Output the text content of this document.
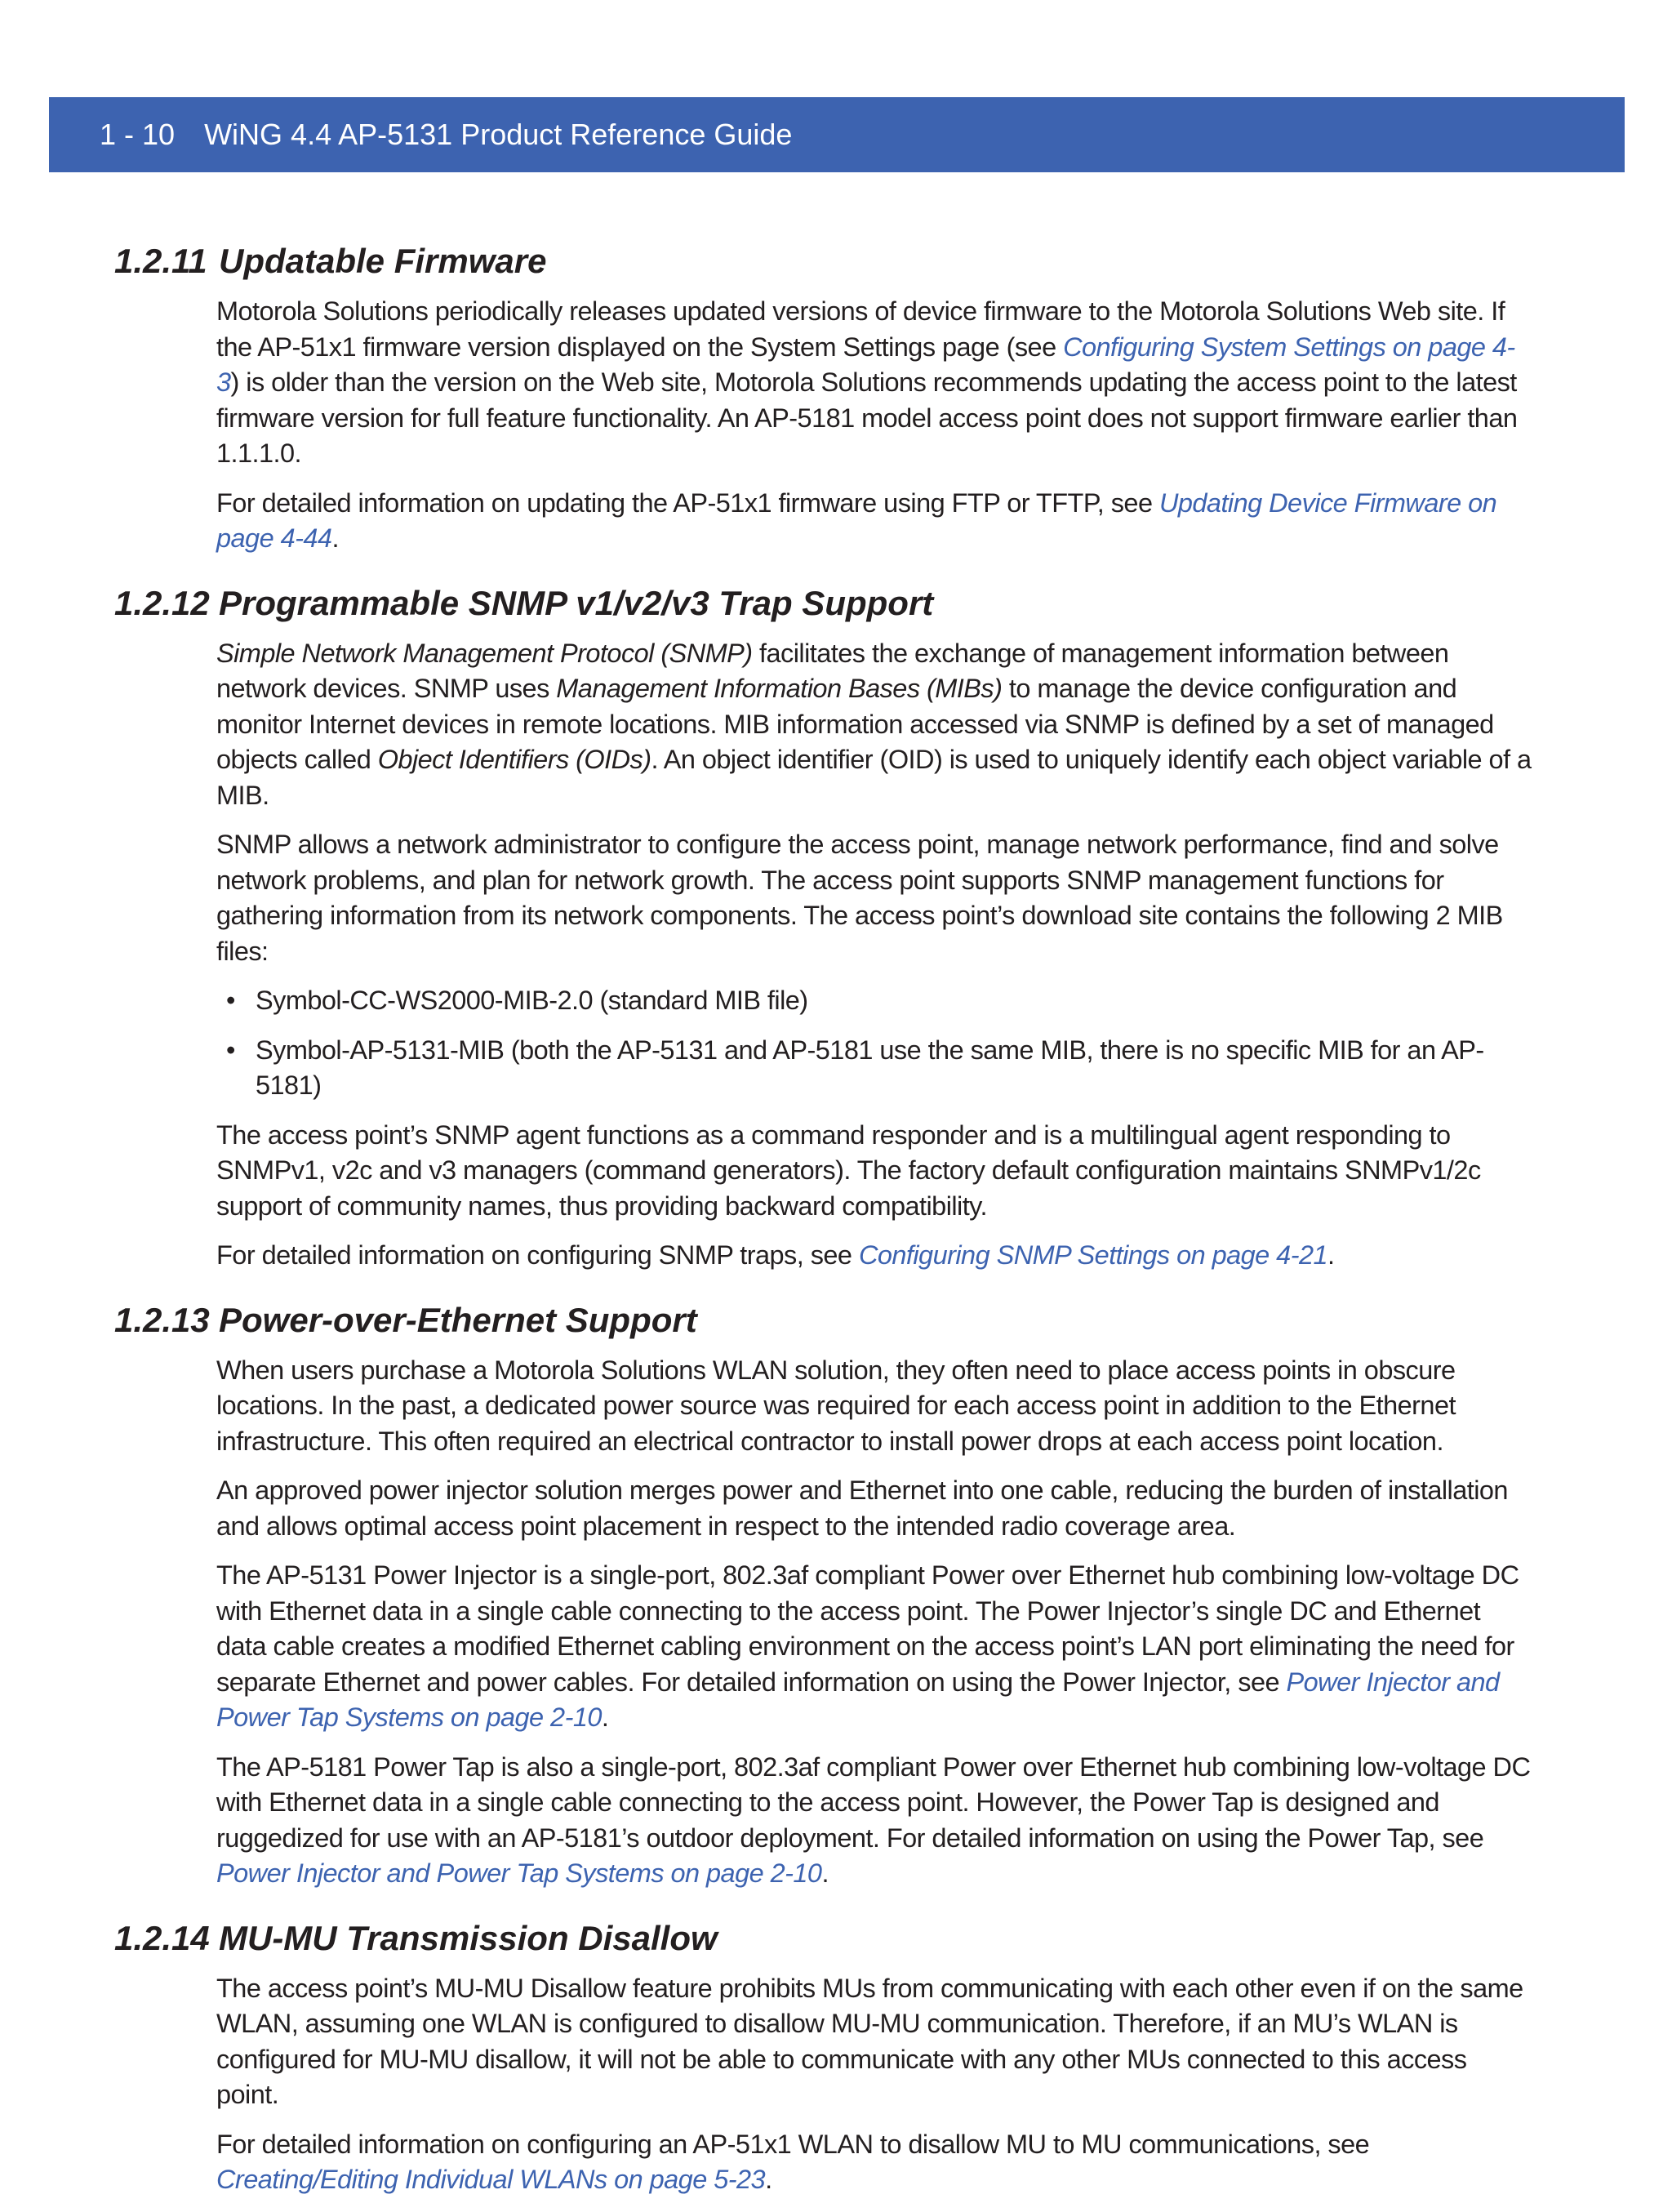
1 - 10 WiNG 4.4 AP-5131 Product Reference Guide
1.2.11 Updatable Firmware

Motorola Solutions periodically releases updated versions of device firmware to the Motorola Solutions Web site. If the AP-51x1 firmware version displayed on the System Settings page (see Configuring System Settings on page 4-3) is older than the version on the Web site, Motorola Solutions recommends updating the access point to the latest firmware version for full feature functionality. An AP-5181 model access point does not support firmware earlier than 1.1.1.0.

For detailed information on updating the AP-51x1 firmware using FTP or TFTP, see Updating Device Firmware on page 4-44.

1.2.12 Programmable SNMP v1/v2/v3 Trap Support

Simple Network Management Protocol (SNMP) facilitates the exchange of management information between network devices. SNMP uses Management Information Bases (MIBs) to manage the device configuration and monitor Internet devices in remote locations. MIB information accessed via SNMP is defined by a set of managed objects called Object Identifiers (OIDs). An object identifier (OID) is used to uniquely identify each object variable of a MIB.

SNMP allows a network administrator to configure the access point, manage network performance, find and solve network problems, and plan for network growth. The access point supports SNMP management functions for gathering information from its network components. The access point’s download site contains the following 2 MIB files:

• Symbol-CC-WS2000-MIB-2.0 (standard MIB file)
• Symbol-AP-5131-MIB (both the AP-5131 and AP-5181 use the same MIB, there is no specific MIB for an AP-5181)

The access point’s SNMP agent functions as a command responder and is a multilingual agent responding to SNMPv1, v2c and v3 managers (command generators). The factory default configuration maintains SNMPv1/2c support of community names, thus providing backward compatibility.

For detailed information on configuring SNMP traps, see Configuring SNMP Settings on page 4-21.

1.2.13 Power-over-Ethernet Support

When users purchase a Motorola Solutions WLAN solution, they often need to place access points in obscure locations. In the past, a dedicated power source was required for each access point in addition to the Ethernet infrastructure. This often required an electrical contractor to install power drops at each access point location.

An approved power injector solution merges power and Ethernet into one cable, reducing the burden of installation and allows optimal access point placement in respect to the intended radio coverage area.

The AP-5131 Power Injector is a single-port, 802.3af compliant Power over Ethernet hub combining low-voltage DC with Ethernet data in a single cable connecting to the access point. The Power Injector’s single DC and Ethernet data cable creates a modified Ethernet cabling environment on the access point’s LAN port eliminating the need for separate Ethernet and power cables. For detailed information on using the Power Injector, see Power Injector and Power Tap Systems on page 2-10.

The AP-5181 Power Tap is also a single-port, 802.3af compliant Power over Ethernet hub combining low-voltage DC with Ethernet data in a single cable connecting to the access point. However, the Power Tap is designed and ruggedized for use with an AP-5181’s outdoor deployment. For detailed information on using the Power Tap, see Power Injector and Power Tap Systems on page 2-10.

1.2.14 MU-MU Transmission Disallow

The access point’s MU-MU Disallow feature prohibits MUs from communicating with each other even if on the same WLAN, assuming one WLAN is configured to disallow MU-MU communication. Therefore, if an MU’s WLAN is configured for MU-MU disallow, it will not be able to communicate with any other MUs connected to this access point.

For detailed information on configuring an AP-51x1 WLAN to disallow MU to MU communications, see Creating/Editing Individual WLANs on page 5-23.
